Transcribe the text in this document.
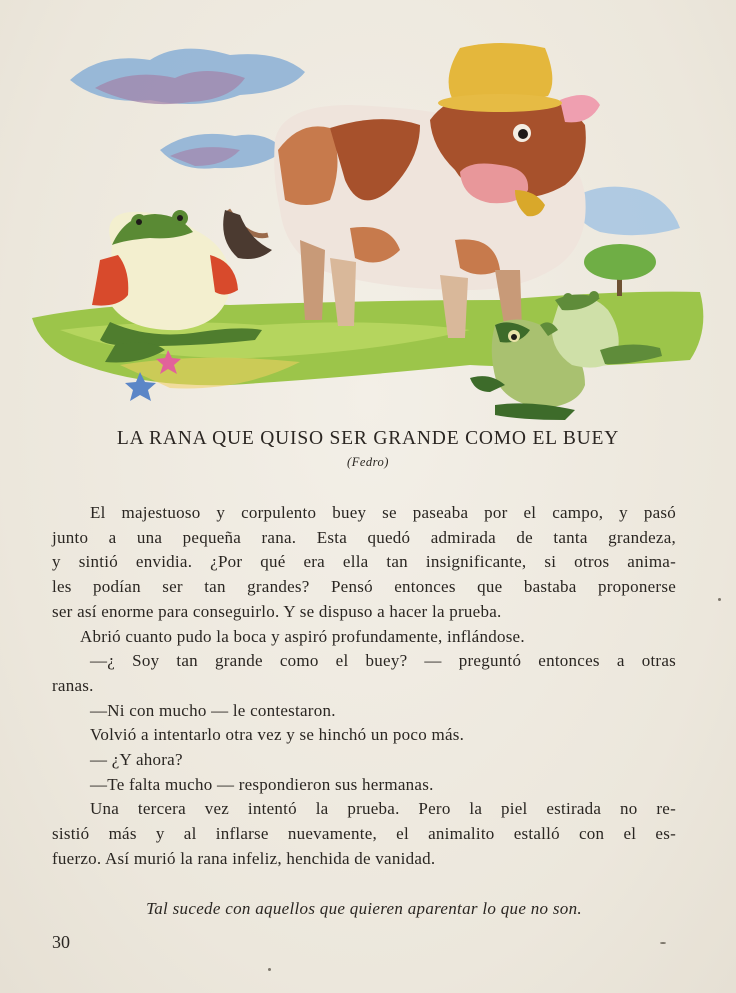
LA RANA QUE QUISO SER GRANDE COMO EL BUEY
(Fedro)
El majestuoso y corpulento buey se paseaba por el campo, y pasó
junto a una pequeña rana. Esta quedó admirada de tanta grandeza,
y sintió envidia. ¿Por qué era ella tan insignificante, si otros anima-
les podían ser tan grandes? Pensó entonces que bastaba proponerse
ser así enorme para conseguirlo. Y se dispuso a hacer la prueba.
Abrió cuanto pudo la boca y aspiró profundamente, inflándose.
—¿ Soy tan grande como el buey? — preguntó entonces a otras
ranas.
—Ni con mucho — le contestaron.
Volvió a intentarlo otra vez y se hinchó un poco más.
— ¿Y ahora?
—Te falta mucho — respondieron sus hermanas.
Una tercera vez intentó la prueba. Pero la piel estirada no re-
sistió más y al inflarse nuevamente, el animalito estalló con el es-
fuerzo. Así murió la rana infeliz, henchida de vanidad.
Tal sucede con aquellos que quieren aparentar lo que no son.
30
